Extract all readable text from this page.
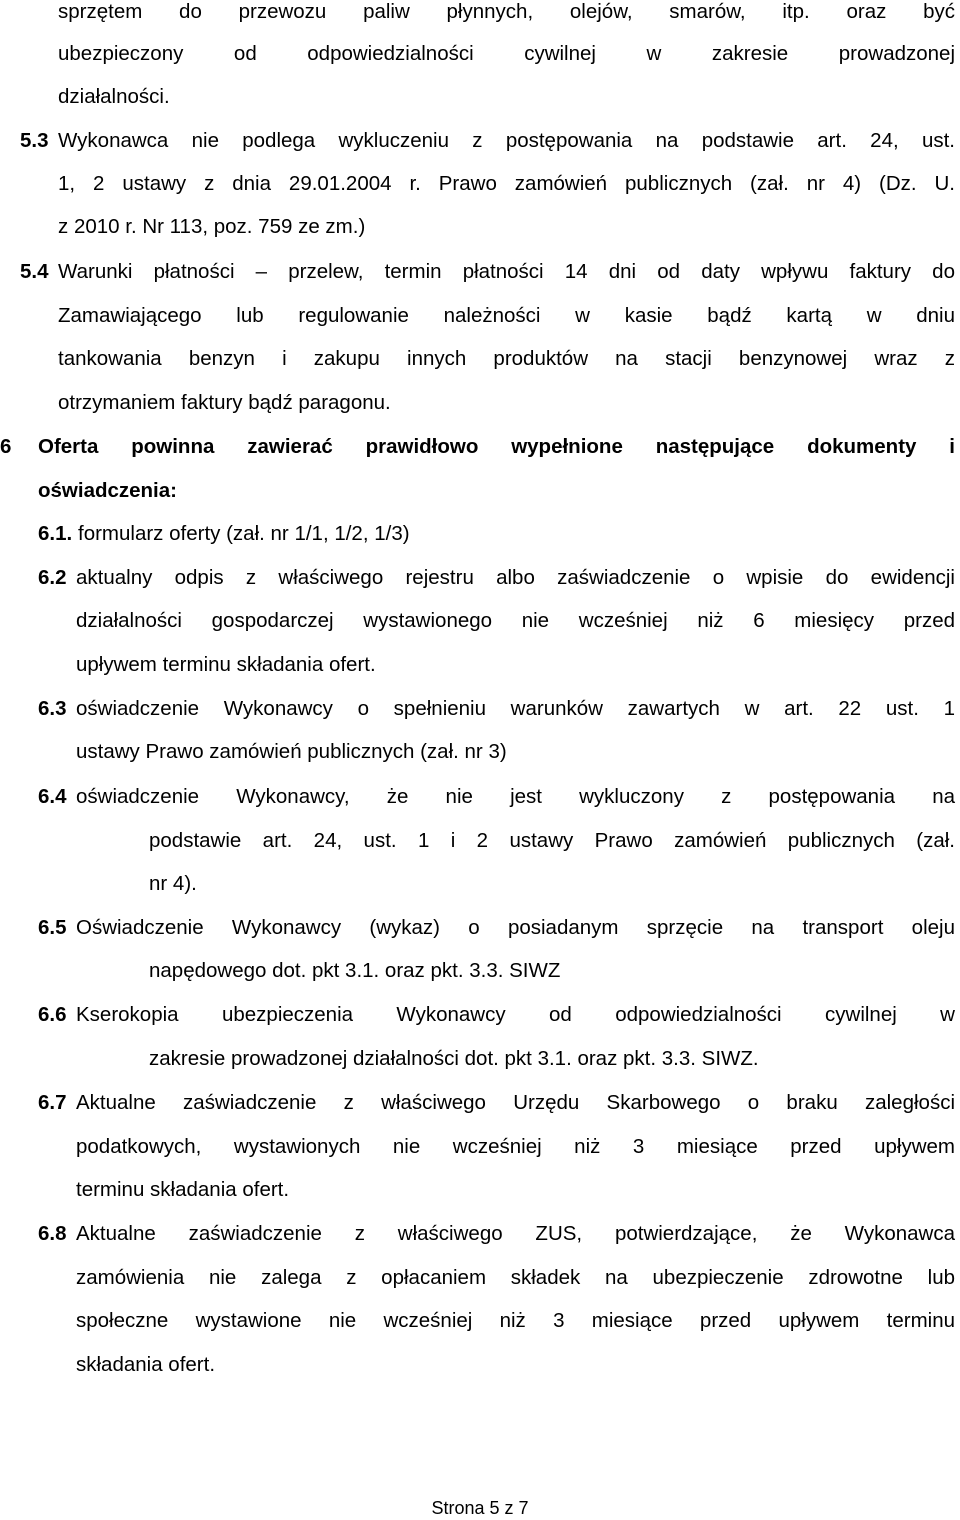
sprzętem do przewozu paliw płynnych, olejów, smarów, itp. oraz być
ubezpieczony od odpowiedzialności cywilnej w zakresie prowadzonej
działalności.
5.3 Wykonawca nie podlega wykluczeniu z postępowania na podstawie art. 24, ust.
1, 2 ustawy z dnia 29.01.2004 r. Prawo zamówień publicznych (zał. nr 4) (Dz. U.
z 2010 r. Nr 113, poz. 759 ze zm.)
5.4 Warunki płatności – przelew, termin płatności 14 dni od daty wpływu faktury do
Zamawiającego lub regulowanie należności w kasie bądź kartą w dniu
tankowania benzyn i zakupu innych produktów na stacji benzynowej wraz z
otrzymaniem faktury bądź paragonu.
6 Oferta powinna zawierać prawidłowo wypełnione następujące dokumenty i
oświadczenia:
6.1. formularz oferty (zał. nr 1/1, 1/2, 1/3)
6.2 aktualny odpis z właściwego rejestru albo zaświadczenie o wpisie do ewidencji
działalności gospodarczej wystawionego nie wcześniej niż 6 miesięcy przed
upływem terminu składania ofert.
6.3 oświadczenie Wykonawcy o spełnieniu warunków zawartych w art. 22 ust. 1
ustawy Prawo zamówień publicznych (zał. nr 3)
6.4 oświadczenie Wykonawcy, że nie jest wykluczony z postępowania na
podstawie art. 24, ust. 1 i 2 ustawy Prawo zamówień publicznych (zał.
nr 4).
6.5 Oświadczenie Wykonawcy (wykaz) o posiadanym sprzęcie na transport oleju
napędowego dot. pkt 3.1. oraz pkt. 3.3. SIWZ
6.6 Kserokopia ubezpieczenia Wykonawcy od odpowiedzialności cywilnej w
zakresie prowadzonej działalności dot. pkt 3.1. oraz pkt. 3.3. SIWZ.
6.7 Aktualne zaświadczenie z właściwego Urzędu Skarbowego o braku zaległości
podatkowych, wystawionych nie wcześniej niż 3 miesiące przed upływem
terminu składania ofert.
6.8 Aktualne zaświadczenie z właściwego ZUS, potwierdzające, że Wykonawca
zamówienia nie zalega z opłacaniem składek na ubezpieczenie zdrowotne lub
społeczne wystawione nie wcześniej niż 3 miesiące przed upływem terminu
składania ofert.
Strona 5 z 7
